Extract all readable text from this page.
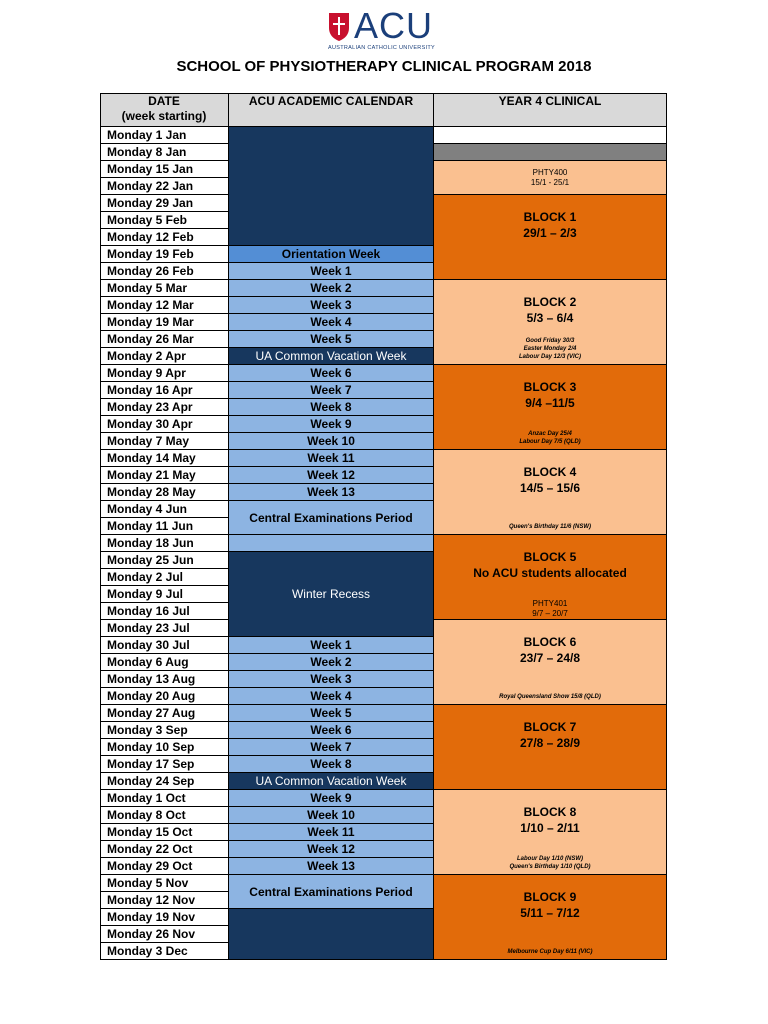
ACU
AUSTRALIAN CATHOLIC UNIVERSITY
SCHOOL OF PHYSIOTHERAPY CLINICAL PROGRAM 2018
DATE
(week starting)
ACU ACADEMIC CALENDAR	YEAR 4 CLINICAL
Monday 1 Jan
Monday 8 Jan
Monday 15 Jan
Monday 22 Jan
Monday 29 Jan
Monday 5 Feb
Monday 12 Feb
Monday 19 Feb
Monday 26 Feb
Monday 5 Mar
Monday 12 Mar
Monday 19 Mar
Monday 26 Mar
Monday 2 Apr
Monday 9 Apr
Monday 16 Apr
Monday 23 Apr
Monday 30 Apr
Monday 7 May
Monday 14 May
Monday 21 May
Monday 28 May
Monday 4 Jun
Monday 11 Jun
Monday 18 Jun
Monday 25 Jun
Monday 2 Jul
Monday 9 Jul
Monday 16 Jul
Monday 23 Jul
Monday 30 Jul
Monday 6 Aug
Monday 13 Aug
Monday 20 Aug
Monday 27 Aug
Monday 3 Sep
Monday 10 Sep
Monday 17 Sep
Monday 24 Sep
Monday 1 Oct
Monday 8 Oct
Monday 15 Oct
Monday 22 Oct
Monday 29 Oct
Monday 5 Nov
Monday 12 Nov
Monday 19 Nov
Monday 26 Nov
Monday 3 Dec
Orientation Week
Week 1
Week 2
Week 3
Week 4
Week 5
UA Common Vacation Week
Week 6
Week 7
Week 8
Week 9
Week 10
Week 11
Week 12
Week 13
Central Examinations Period
Winter Recess
Week 1
Week 2
Week 3
Week 4
Week 5
Week 6
Week 7
Week 8
UA Common Vacation Week
Week 9
Week 10
Week 11
Week 12
Week 13
Central Examinations Period
PHTY400
15/1 - 25/1
BLOCK 1
29/1 – 2/3
BLOCK 2
5/3 – 6/4
Good Friday 30/3
Easter Monday 2/4
Labour Day 12/3 (VIC)
BLOCK 3
9/4 –11/5
Anzac Day 25/4
Labour Day 7/5 (QLD)
BLOCK 4
14/5 – 15/6
Queen's Birthday 11/6 (NSW)
BLOCK 5
No ACU students allocated
PHTY401
9/7 – 20/7
BLOCK 6
23/7 – 24/8
Royal Queensland Show 15/8 (QLD)
BLOCK 7
27/8 – 28/9
BLOCK 8
1/10 – 2/11
Labour Day 1/10 (NSW)
Queen's Birthday 1/10 (QLD)
BLOCK 9
5/11 – 7/12
Melbourne Cup Day 6/11 (VIC)
